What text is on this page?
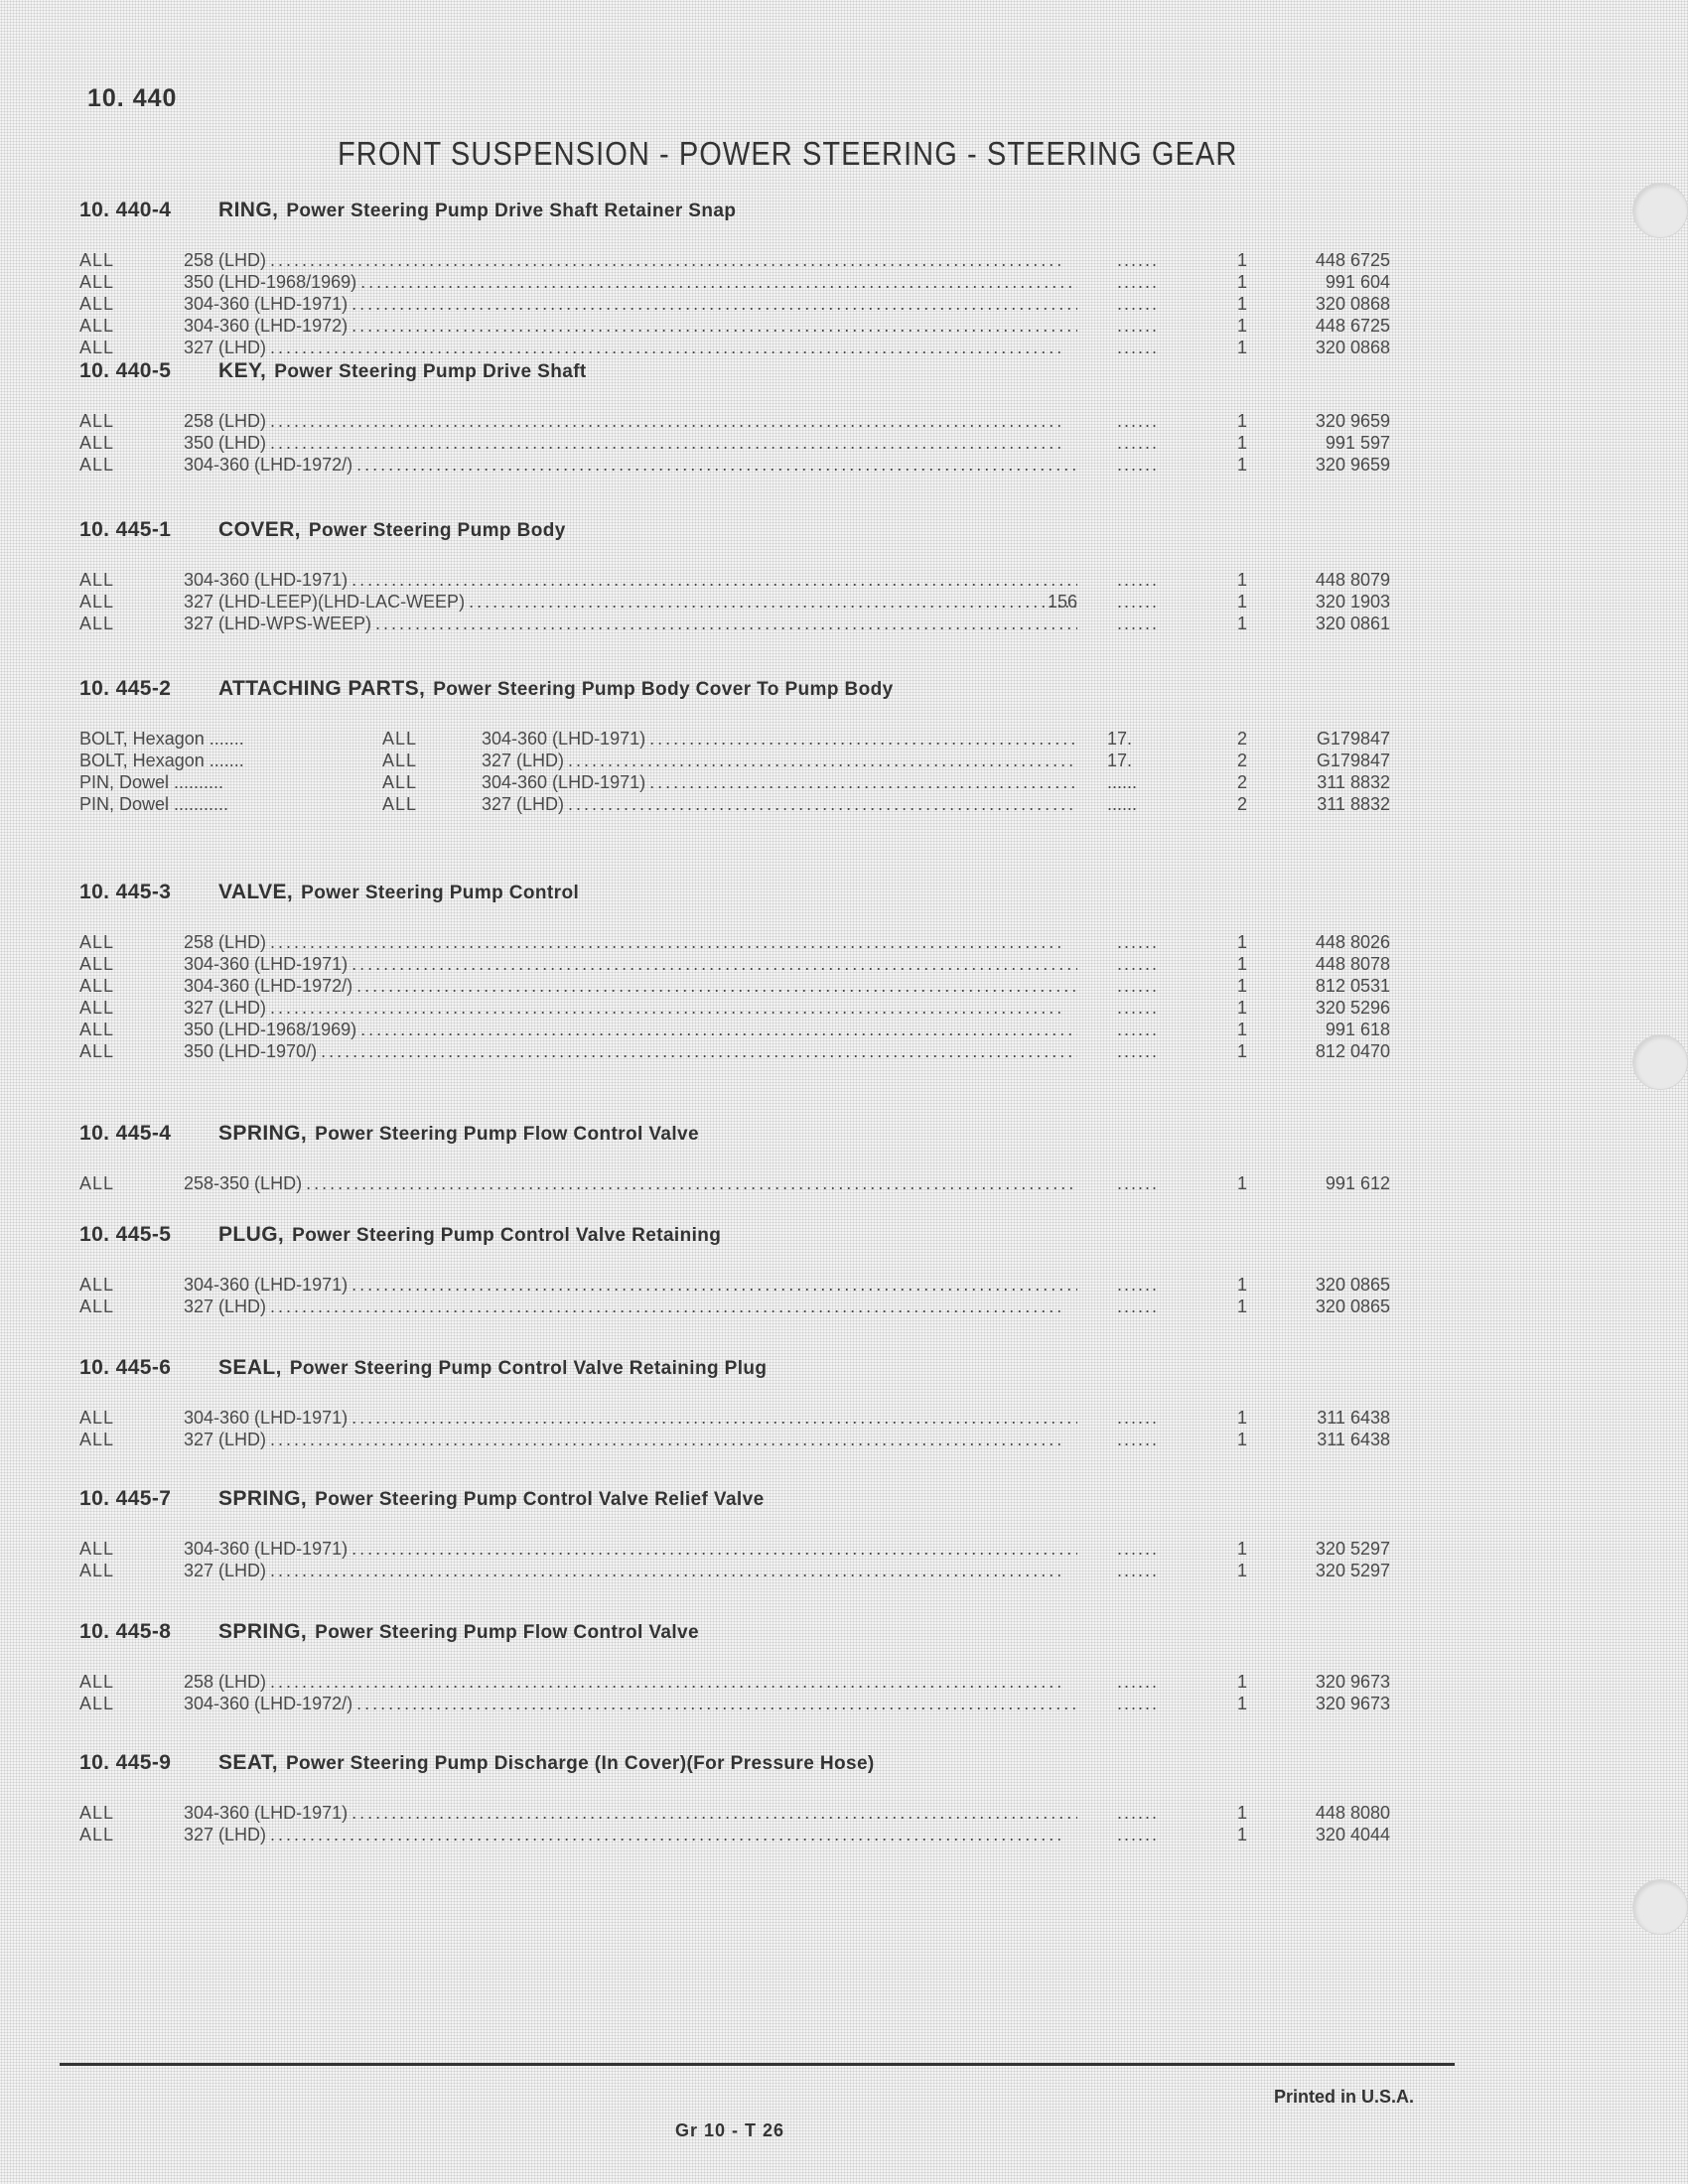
10. 440
FRONT SUSPENSION - POWER STEERING - STEERING GEAR
10. 440-4 RING, Power Steering Pump Drive Shaft Retainer Snap
ALL	258 (LHD) . . .	......	1	448 6725
ALL	350 (LHD-1968/1969) . . .	......	1	991 604
ALL	304-360 (LHD-1971) . . .	......	1	320 0868
ALL	304-360 (LHD-1972) . . .	......	1	448 6725
ALL	327 (LHD) . . .	......	1	320 0868
10. 440-5 KEY, Power Steering Pump Drive Shaft
ALL	258 (LHD) . . .	......	1	320 9659
ALL	350 (LHD) . . .	......	1	991 597
ALL	304-360 (LHD-1972/) . . .	......	1	320 9659
10. 445-1 COVER, Power Steering Pump Body
ALL	304-360 (LHD-1971) . . .	......	1	448 8079
ALL	327 (LHD-LEEP)(LHD-LAC-WEEP) . . .	156 ......	1	320 1903
ALL	327 (LHD-WPS-WEEP) . . .	......	1	320 0861
10. 445-2 ATTACHING PARTS, Power Steering Pump Body Cover To Pump Body
BOLT, Hexagon .......	ALL	304-360 (LHD-1971) . . .	17.	2	G179847
BOLT, Hexagon .......	ALL	327 (LHD) . . .	17.	2	G179847
PIN, Dowel ..........	ALL	304-360 (LHD-1971) . . .	......	2	311 8832
PIN, Dowel ...........	ALL	327 (LHD) . . .	......	2	311 8832
10. 445-3 VALVE, Power Steering Pump Control
ALL	258 (LHD) . . .	......	1	448 8026
ALL	304-360 (LHD-1971) . . .	......	1	448 8078
ALL	304-360 (LHD-1972/) . . .	......	1	812 0531
ALL	327 (LHD) . . .	......	1	320 5296
ALL	350 (LHD-1968/1969) . . .	......	1	991 618
ALL	350 (LHD-1970/) . . .	......	1	812 0470
10. 445-4 SPRING, Power Steering Pump Flow Control Valve
ALL	258-350 (LHD) . . .	......	1	991 612
10. 445-5 PLUG, Power Steering Pump Control Valve Retaining
ALL	304-360 (LHD-1971) . . .	......	1	320 0865
ALL	327 (LHD) . . .	......	1	320 0865
10. 445-6 SEAL, Power Steering Pump Control Valve Retaining Plug
ALL	304-360 (LHD-1971) . . .	......	1	311 6438
ALL	327 (LHD) . . .	......	1	311 6438
10. 445-7 SPRING, Power Steering Pump Control Valve Relief Valve
ALL	304-360 (LHD-1971) . . .	......	1	320 5297
ALL	327 (LHD) . . .	......	1	320 5297
10. 445-8 SPRING, Power Steering Pump Flow Control Valve
ALL	258 (LHD) . . .	......	1	320 9673
ALL	304-360 (LHD-1972/) . . .	......	1	320 9673
10. 445-9 SEAT, Power Steering Pump Discharge (In Cover)(For Pressure Hose)
ALL	304-360 (LHD-1971) . . .	......	1	448 8080
ALL	327 (LHD) . . .	......	1	320 4044
Printed in U.S.A.
Gr 10 - T 26
